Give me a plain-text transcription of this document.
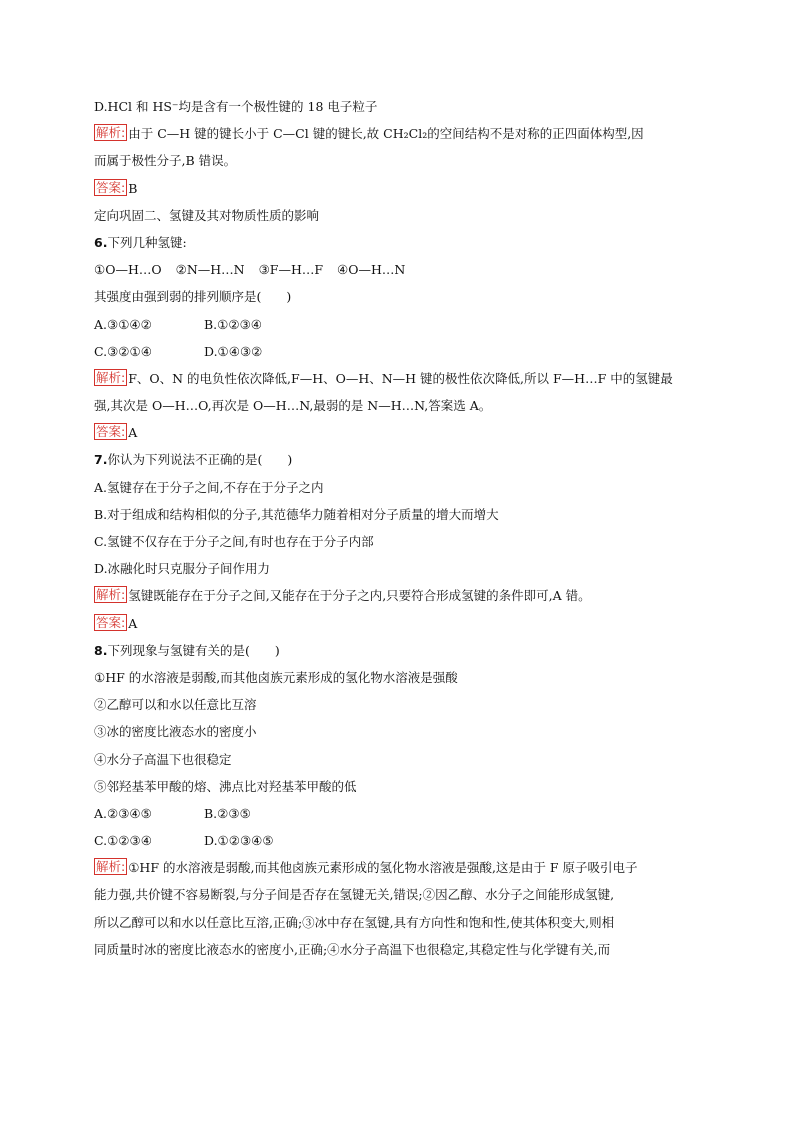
D.HCl 和 HS⁻均是含有一个极性键的 18 电子粒子
解析: 由于 C—H 键的键长小于 C—Cl 键的键长,故 CH₂Cl₂的空间结构不是对称的正四面体构型,因
而属于极性分子,B 错误。
答案: B
定向巩固二、氢键及其对物质性质的影响
6.下列几种氢键:
①O—H…O ②N—H…N ③F—H…F ④O—H…N
其强度由强到弱的排列顺序是(　　)
A.③①④②	B.①②③④
C.③②①④	D.①④③②
解析: F、O、N 的电负性依次降低,F—H、O—H、N—H 键的极性依次降低,所以 F—H…F 中的氢键最
强,其次是 O—H…O,再次是 O—H…N,最弱的是 N—H…N,答案选 A。
答案: A
7.你认为下列说法不正确的是(　　)
A.氢键存在于分子之间,不存在于分子之内
B.对于组成和结构相似的分子,其范德华力随着相对分子质量的增大而增大
C.氢键不仅存在于分子之间,有时也存在于分子内部
D.冰融化时只克服分子间作用力
解析: 氢键既能存在于分子之间,又能存在于分子之内,只要符合形成氢键的条件即可,A 错。
答案: A
8.下列现象与氢键有关的是(　　)
①HF 的水溶液是弱酸,而其他卤族元素形成的氢化物水溶液是强酸
②乙醇可以和水以任意比互溶
③冰的密度比液态水的密度小
④水分子高温下也很稳定
⑤邻羟基苯甲酸的熔、沸点比对羟基苯甲酸的低
A.②③④⑤	B.②③⑤
C.①②③④	D.①②③④⑤
解析: ①HF 的水溶液是弱酸,而其他卤族元素形成的氢化物水溶液是强酸,这是由于 F 原子吸引电子
能力强,共价键不容易断裂,与分子间是否存在氢键无关,错误;②因乙醇、水分子之间能形成氢键,
所以乙醇可以和水以任意比互溶,正确;③冰中存在氢键,具有方向性和饱和性,使其体积变大,则相
同质量时冰的密度比液态水的密度小,正确;④水分子高温下也很稳定,其稳定性与化学键有关,而
